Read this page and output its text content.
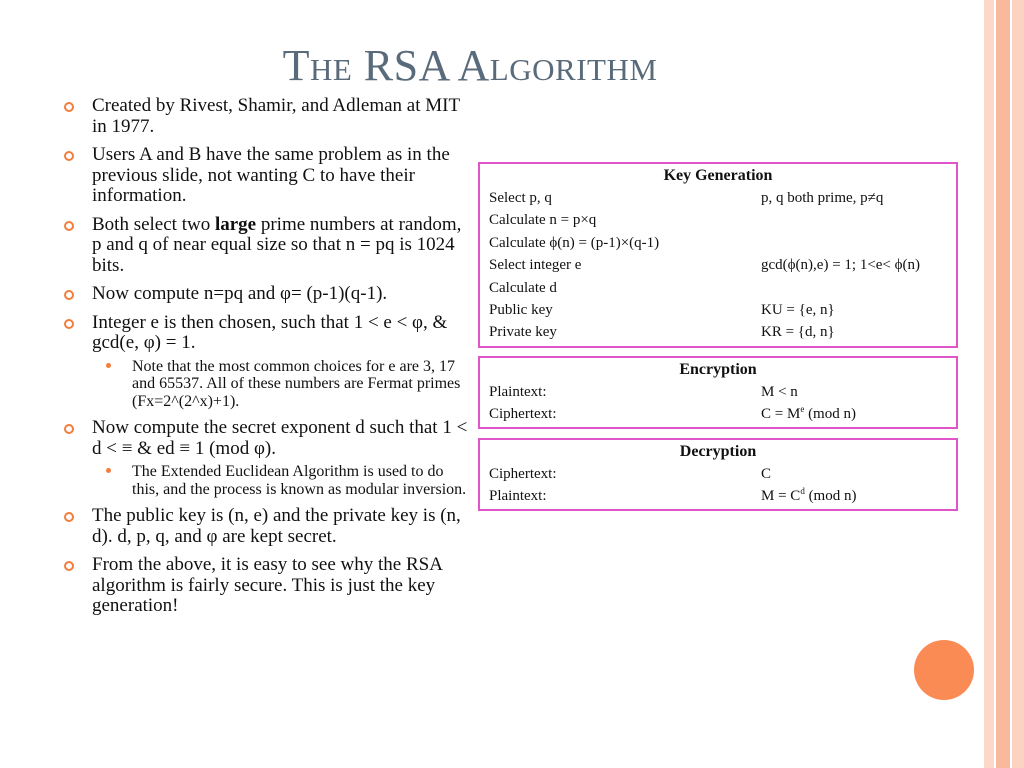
The RSA Algorithm
Created by Rivest, Shamir, and Adleman at MIT in 1977.
Users A and B have the same problem as in the previous slide, not wanting C to have their information.
Both select two large prime numbers at random, p and q of near equal size so that n = pq is 1024 bits.
Now compute n=pq and φ= (p-1)(q-1).
Integer e is then chosen, such that 1 < e < φ, & gcd(e, φ) = 1.
Note that the most common choices for e are 3, 17 and 65537. All of these numbers are Fermat primes (Fx=2^(2^x)+1).
Now compute the secret exponent d such that 1 < d < ≡ & ed ≡ 1 (mod φ).
The Extended Euclidean Algorithm is used to do this, and the process is known as modular inversion.
The public key is (n, e) and the private key is (n, d). d, p, q, and φ are kept secret.
From the above, it is easy to see why the RSA algorithm is fairly secure. This is just the key generation!
Key Generation
Select p, q	p, q both prime, p≠q
Calculate n = p×q
Calculate ϕ(n) = (p-1)×(q-1)
Select integer e	gcd(ϕ(n),e) = 1; 1<e< ϕ(n)
Calculate d
Public key	KU = {e, n}
Private key	KR = {d, n}
Encryption
Plaintext:	M < n
Ciphertext:	$C = M^e$ (mod n)
Decryption
Ciphertext:	C
Plaintext:	$M = C^d$ (mod n)
